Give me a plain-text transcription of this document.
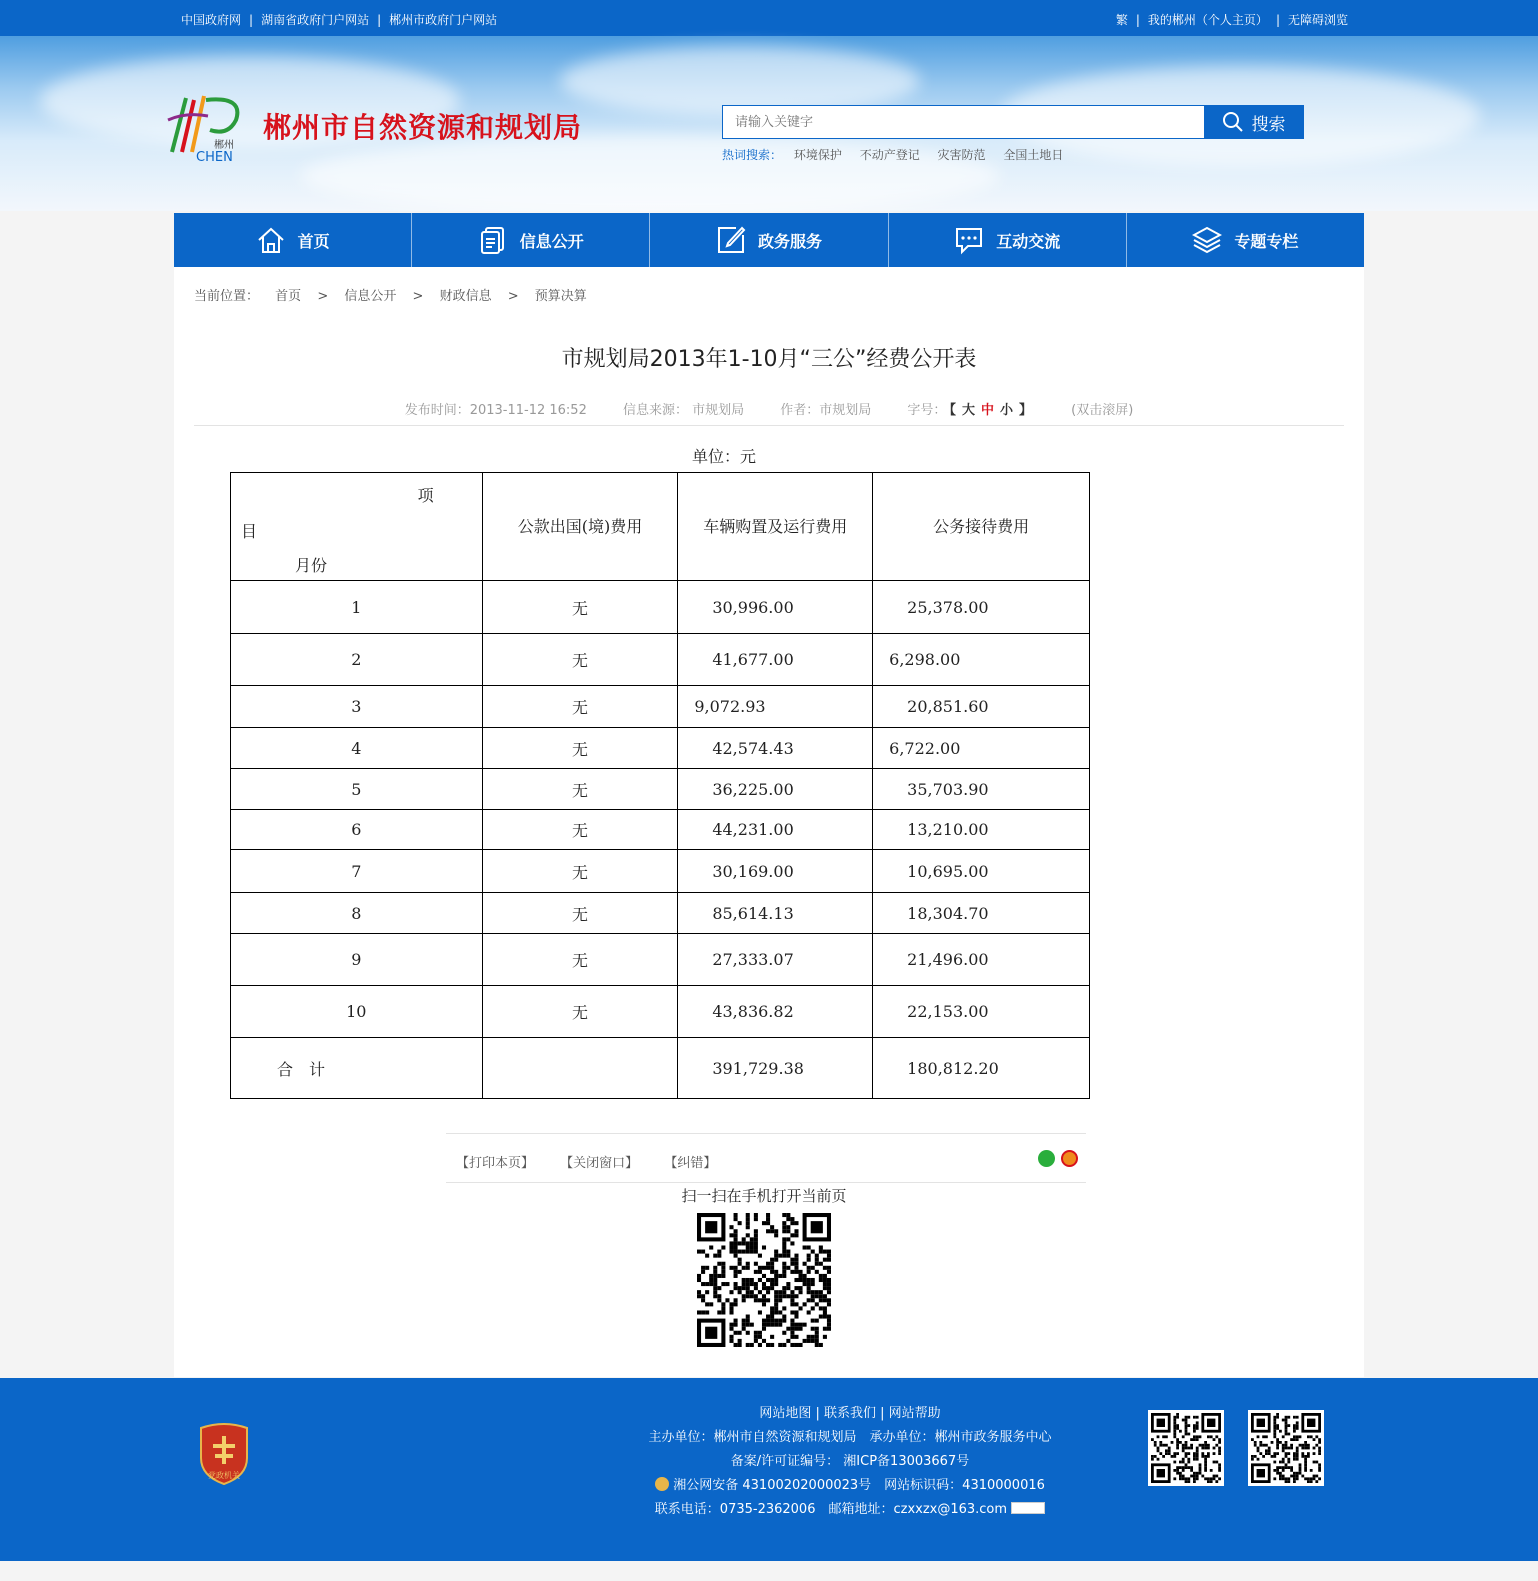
中国政府网 | 湖南省政府门户网站 | 郴州市政府门户网站	繁 | 我的郴州（个人主页） | 无障碍浏览
郴州
CHEN
郴州市自然资源和规划局
请输入关键字	搜索
热词搜索： 环境保护 不动产登记 灾害防范 全国土地日
首页	信息公开	政务服务	互动交流	专题专栏
当前位置： 首页 > 信息公开 > 财政信息 > 预算决算
市规划局2013年1-10月“三公”经费公开表
发布时间：2013-11-12 16:52	信息来源： 市规划局	作者：市规划局	字号： 【 大 中 小 】	(双击滚屏)
单位：元
项
目
月份	公款出国(境)费用	车辆购置及运行费用	公务接待费用
1	无	30,996.00	25,378.00
2	无	41,677.00	6,298.00
3	无	9,072.93	20,851.60
4	无	42,574.43	6,722.00
5	无	36,225.00	35,703.90
6	无	44,231.00	13,210.00
7	无	30,169.00	10,695.00
8	无	85,614.13	18,304.70
9	无	27,333.07	21,496.00
10	无	43,836.82	22,153.00
合　计		391,729.38	180,812.20
【打印本页】 【关闭窗口】 【纠错】
扫一扫在手机打开当前页
党政机关
网站地图 | 联系我们 | 网站帮助
主办单位：郴州市自然资源和规划局　承办单位：郴州市政务服务中心
备案/许可证编号： 湘ICP备13003667号
湘公网安备 43100202000023号　网站标识码：4310000016
联系电话：0735-2362006　邮箱地址：czxxzx@163.com
